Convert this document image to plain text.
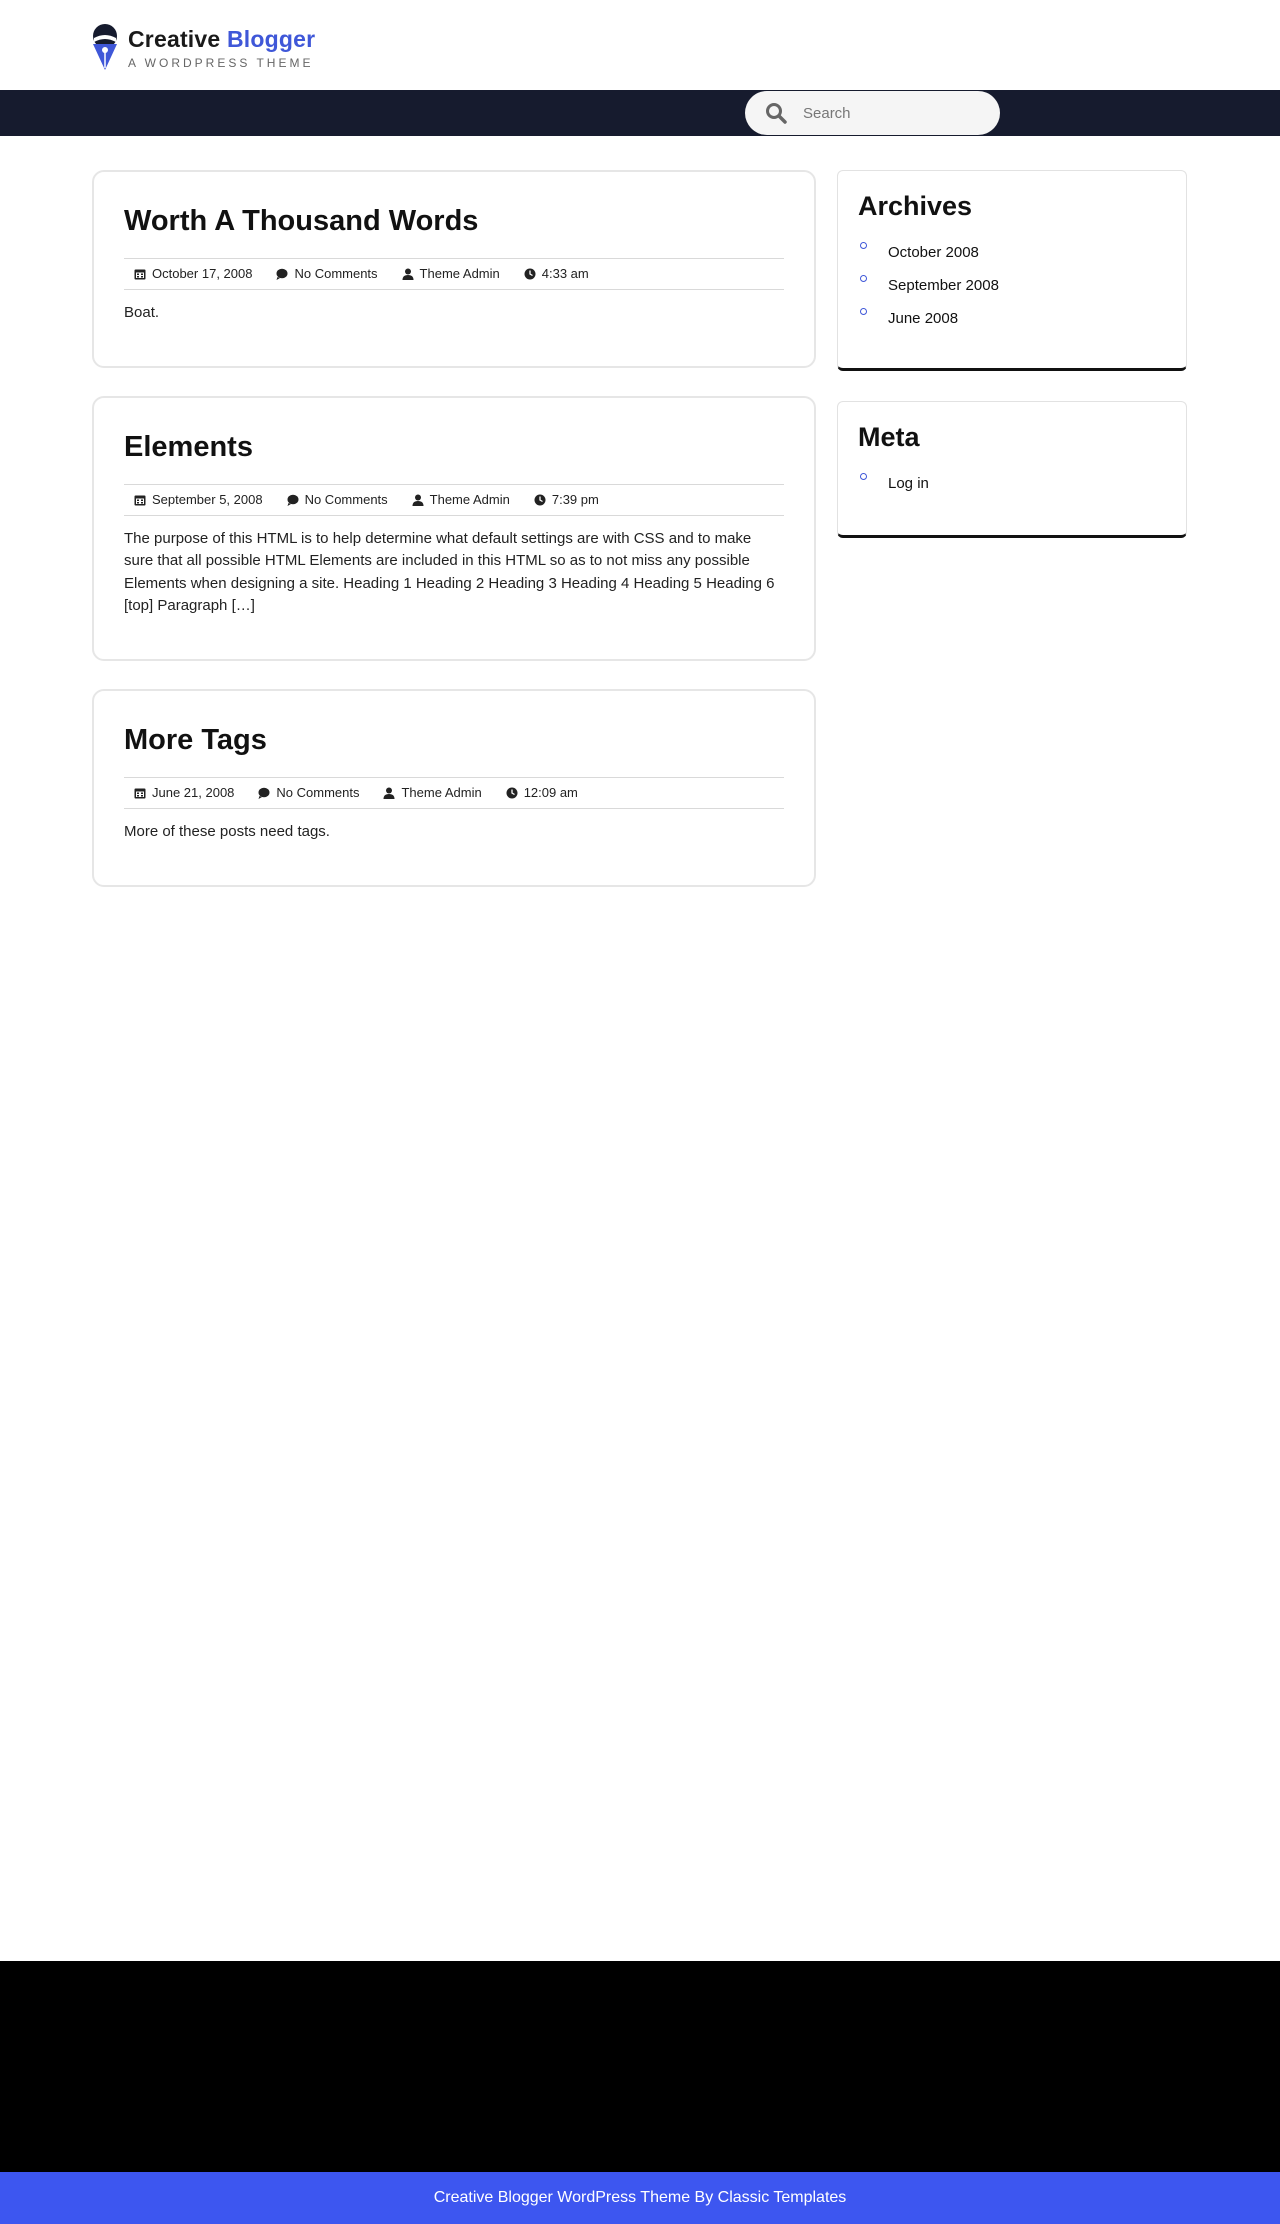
Creative Blogger
A WORDPRESS THEME
Search
Worth A Thousand Words
October 17, 2008	No Comments	Theme Admin	4:33 am

Boat.

Elements
September 5, 2008	No Comments	Theme Admin	7:39 pm

The purpose of this HTML is to help determine what default settings are with CSS and to make sure that all possible HTML Elements are included in this HTML so as to not miss any possible Elements when designing a site. Heading 1 Heading 2 Heading 3 Heading 4 Heading 5 Heading 6 [top] Paragraph […]

More Tags
June 21, 2008	No Comments	Theme Admin	12:09 am

More of these posts need tags.

Archives
October 2008
September 2008
June 2008
Meta
Log in
Creative Blogger WordPress Theme By Classic Templates
